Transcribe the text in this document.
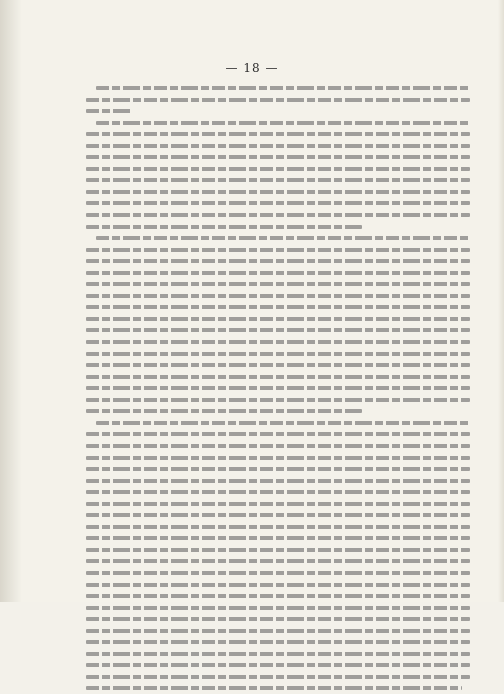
— 18 —
